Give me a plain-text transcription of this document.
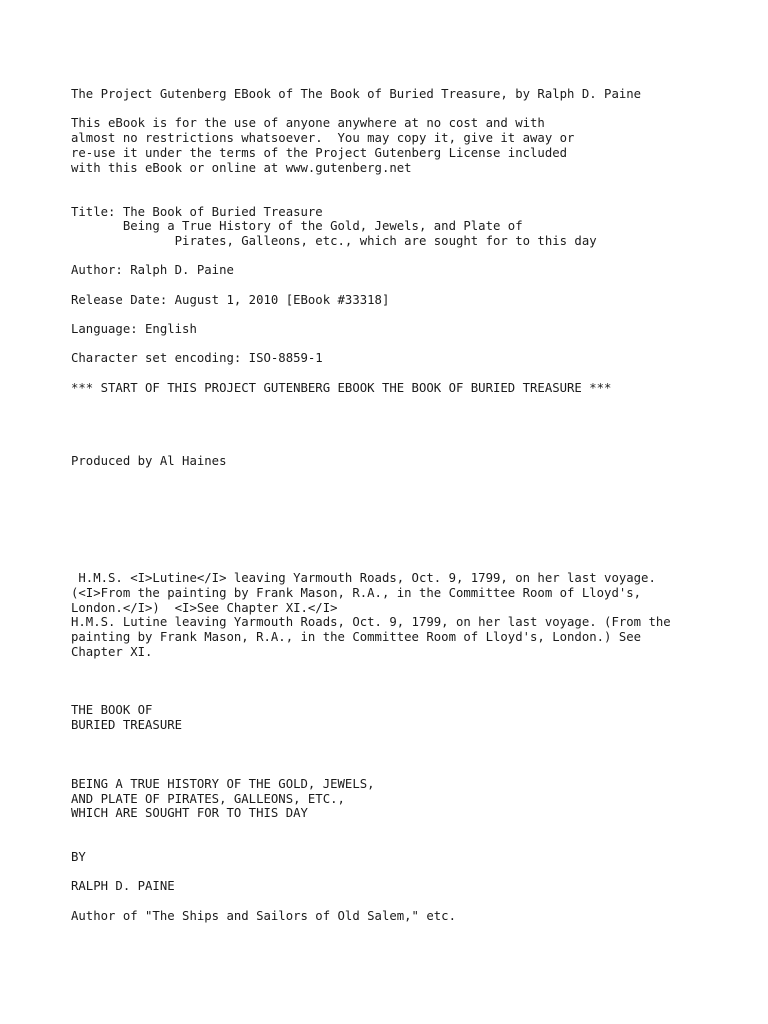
The Project Gutenberg EBook of The Book of Buried Treasure, by Ralph D. Paine

This eBook is for the use of anyone anywhere at no cost and with

almost no restrictions whatsoever.  You may copy it, give it away or

re-use it under the terms of the Project Gutenberg License included

with this eBook or online at www.gutenberg.net

Title: The Book of Buried Treasure

Being a True History of the Gold, Jewels, and Plate of

Pirates, Galleons, etc., which are sought for to this day

Author: Ralph D. Paine

Release Date: August 1, 2010 [EBook #33318]

Language: English

Character set encoding: ISO-8859-1

*** START OF THIS PROJECT GUTENBERG EBOOK THE BOOK OF BURIED TREASURE ***

Produced by Al Haines

H.M.S. <I>Lutine</I> leaving Yarmouth Roads, Oct. 9, 1799, on her last voyage.

(<I>From the painting by Frank Mason, R.A., in the Committee Room of Lloyd's,

London.</I>)  <I>See Chapter XI.</I>

H.M.S. Lutine leaving Yarmouth Roads, Oct. 9, 1799, on her last voyage. (From the

painting by Frank Mason, R.A., in the Committee Room of Lloyd's, London.) See

Chapter XI.

THE BOOK OF

BURIED TREASURE

BEING A TRUE HISTORY OF THE GOLD, JEWELS,

AND PLATE OF PIRATES, GALLEONS, ETC.,

WHICH ARE SOUGHT FOR TO THIS DAY

BY

RALPH D. PAINE

Author of "The Ships and Sailors of Old Salem," etc.
